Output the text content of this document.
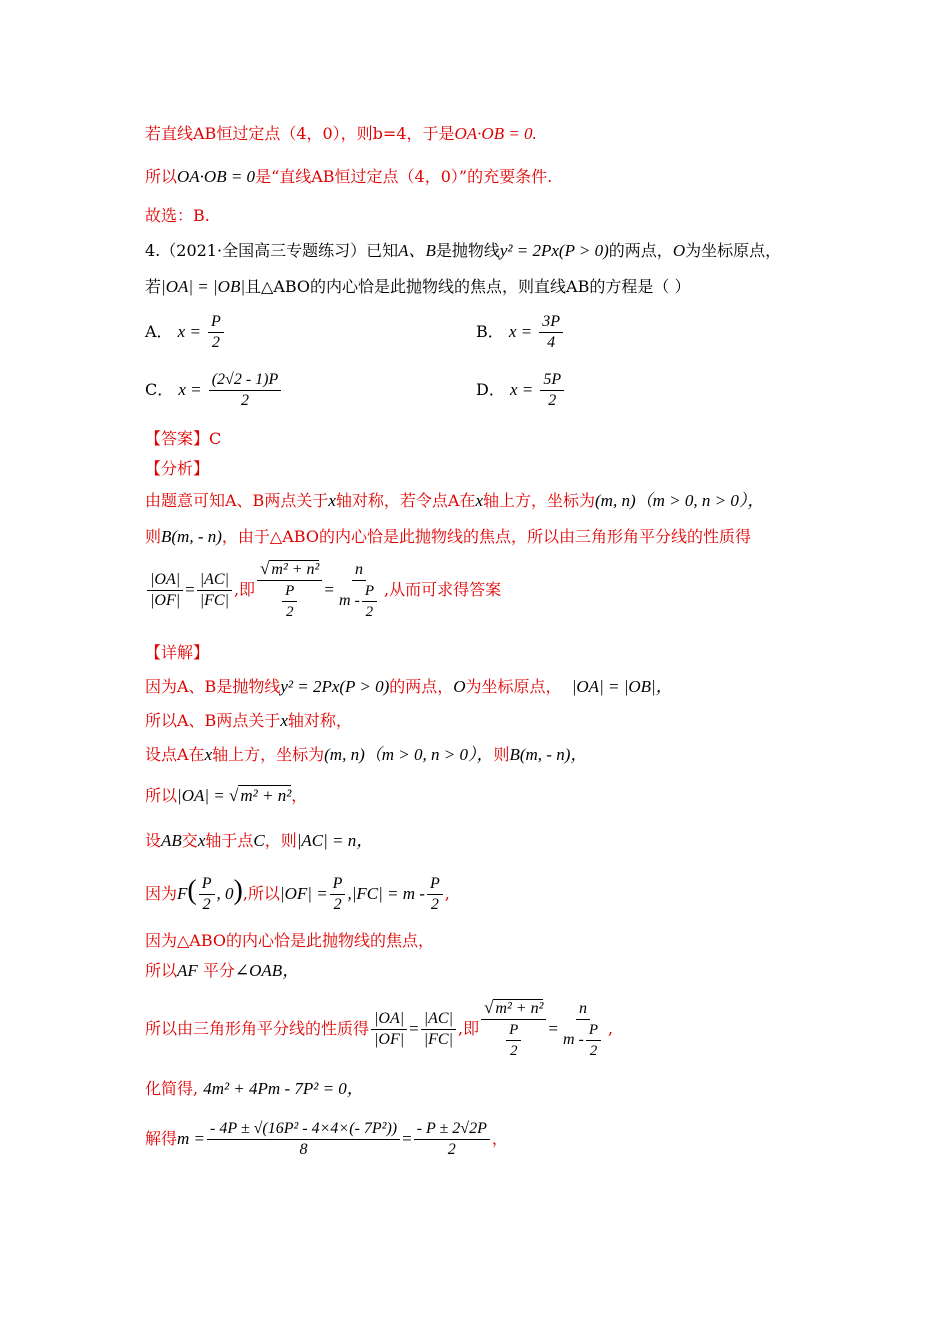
若直线AB恒过定点（4，0），则b=4，于是OA·OB = 0.
所以OA·OB = 0是“直线AB恒过定点（4，0）”的充要条件.
故选：B.
4.（2021·全国高三专题练习）已知A、B是抛物线y² = 2Px(P > 0)的两点，O为坐标原点，
若|OA| = |OB|且△ABO的内心恰是此抛物线的焦点，则直线AB的方程是（ ）
A． $x = \frac{P}{2}$	B． $x = \frac{3P}{4}$
C． $x = \frac{(2√2 - 1)P}{2}$	D． $x = \frac{5P}{2}$
【答案】C
【分析】
由题意可知A、B两点关于x轴对称，若令点A在x轴上方，坐标为(m, n)（m > 0, n > 0），
则B(m, - n)，由于△ABO的内心恰是此抛物线的焦点，所以由三角形角平分线的性质得
$\frac{|OA|}{|OF|} = \frac{|AC|}{|FC|}$ ,即 $\frac{\text{√ m² + n²}}{\frac{P}{2}} = \frac{n}{m - \frac{P}{2}}$ ,从而可求得答案
【详解】
因为A、B是抛物线y² = 2Px(P > 0)的两点，O为坐标原点， |OA| = |OB|，
所以A、B两点关于x轴对称，
设点A在x轴上方，坐标为(m, n)（m > 0, n > 0），则B(m, - n)，
所以|OA| = √ m² + n²，
设AB交x轴于点C，则|AC| = n，
因为$F( \frac{P}{2}$ , 0),所以$|OF| = \frac{P}{2} ,|FC| = m - \frac{P}{2}$ ,
因为△ABO的内心恰是此抛物线的焦点，
所以AF 平分∠OAB，
所以由三角形角平分线的性质得 $\frac{|OA|}{|OF|} = \frac{|AC|}{|FC|}$ ,即 $\frac{\text{√ m² + n²}}{\frac{P}{2}} = \frac{n}{m - \frac{P}{2}}$ ,
化简得, 4m² + 4Pm - 7P² = 0，
解得$m = \frac{\text{- 4P ± √(16P² - 4×4×(- 7P²))}}{8} = \frac{- P \pm 2√2P}{2}$ ，
